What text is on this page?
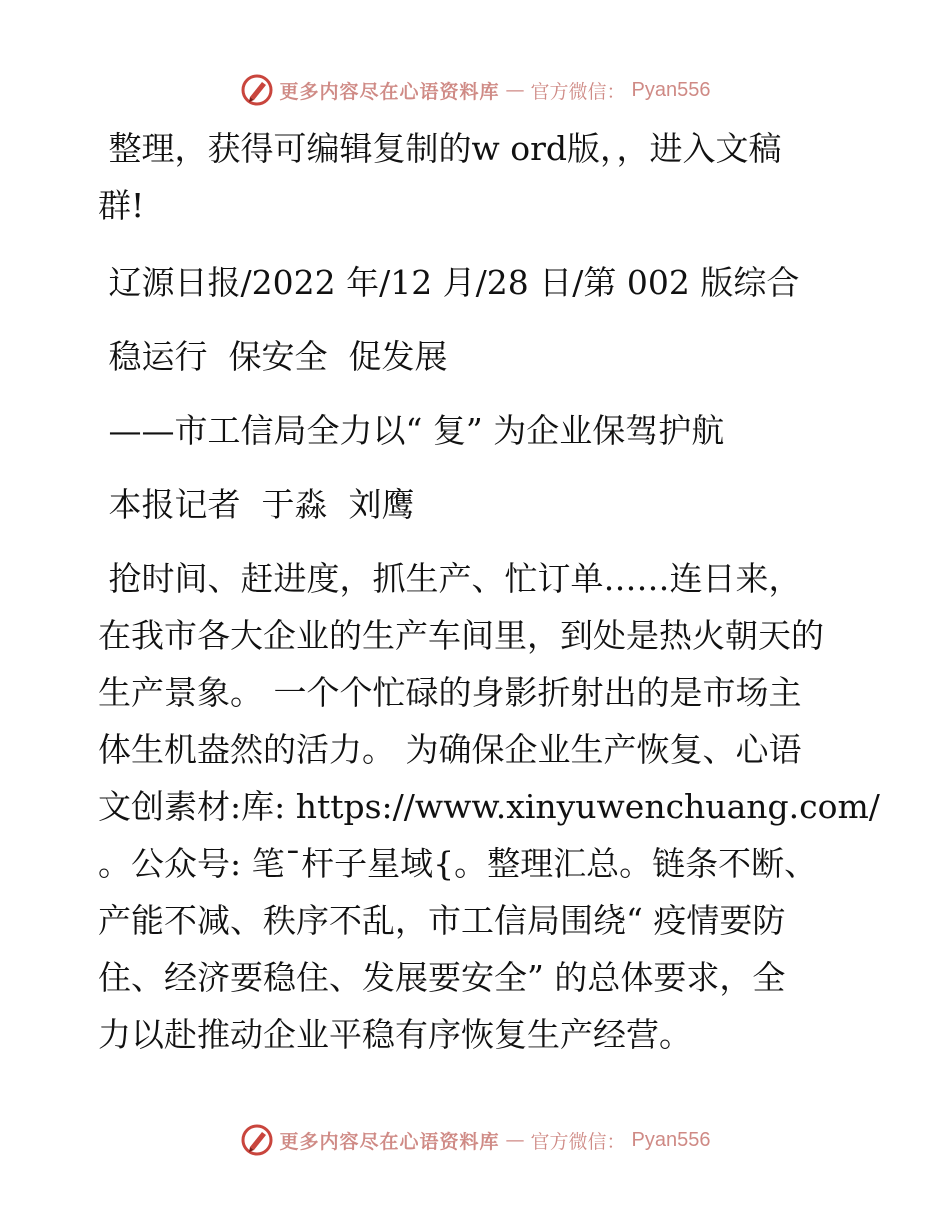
更多内容尽在心语资料库 — 官方微信： Pyan556

整理，获得可编辑复制的w ord版，，进入文稿

群!

辽源日报/2022 年/12 月/28 日/第 002 版综合

稳运行  保安全  促发展

——市工信局全力以“ 复” 为企业保驾护航

本报记者  于淼  刘鹰

抢时间、赶进度，抓生产、忙订单……连日来，

在我市各大企业的生产车间里，到处是热火朝天的

生产景象。 一个个忙碌的身影折射出的是市场主

体生机盎然的活力。 为确保企业生产恢复、心语

文创素材:库: https://www.xinyuwenchuang.com/

。公众号: 笔¯杆子星域{。整理汇总。链条不断、

产能不减、秩序不乱，市工信局围绕“ 疫情要防

住、经济要稳住、发展要安全” 的总体要求，全

力以赴推动企业平稳有序恢复生产经营。

更多内容尽在心语资料库 — 官方微信： Pyan556
